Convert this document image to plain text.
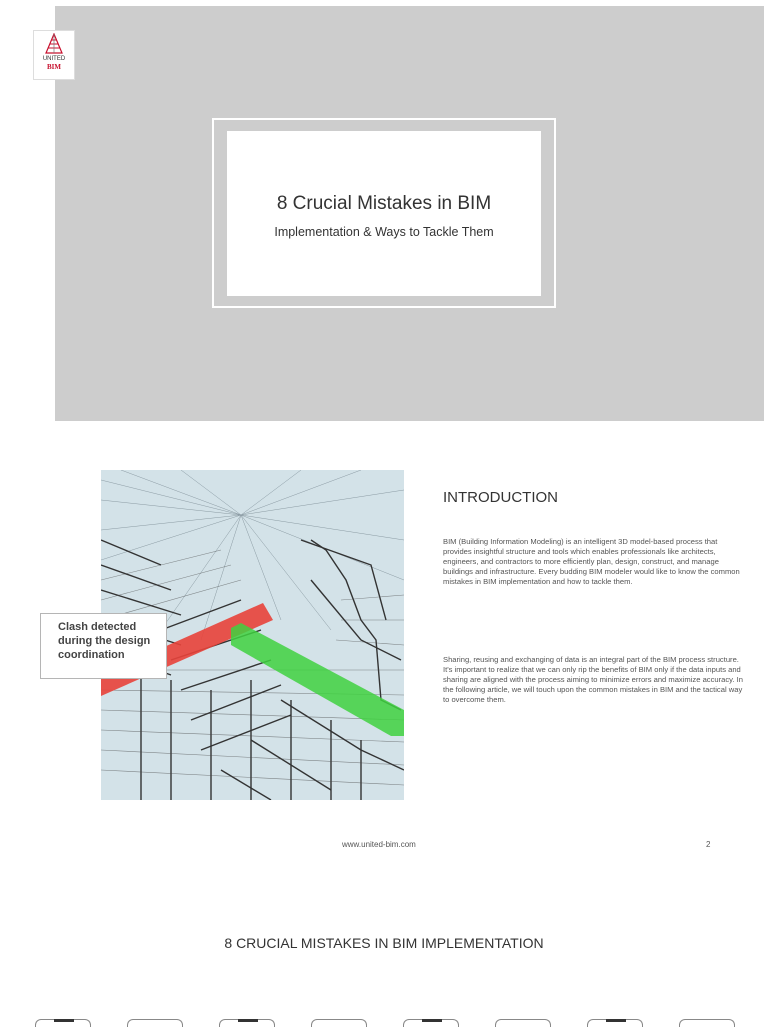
UNITED
BIM
8 Crucial Mistakes in BIM
Implementation & Ways to Tackle Them
Clash detected
during the design
coordination
INTRODUCTION
BIM (Building Information Modeling) is an intelligent 3D model-based process that provides insightful structure and tools which enables professionals like architects, engineers, and contractors to more efficiently plan, design, construct, and manage buildings and infrastructure. Every budding BIM modeler would like to know the common mistakes in BIM implementation and how to tackle them.
Sharing, reusing and exchanging of data is an integral part of the BIM process structure. It's important to realize that we can only rip the benefits of BIM only if the data inputs and sharing are aligned with the process aiming to minimize errors and maximize accuracy. In the following article, we will touch upon the common mistakes in BIM and the tactical way to overcome them.
www.united-bim.com	2
8 CRUCIAL MISTAKES IN BIM IMPLEMENTATION
